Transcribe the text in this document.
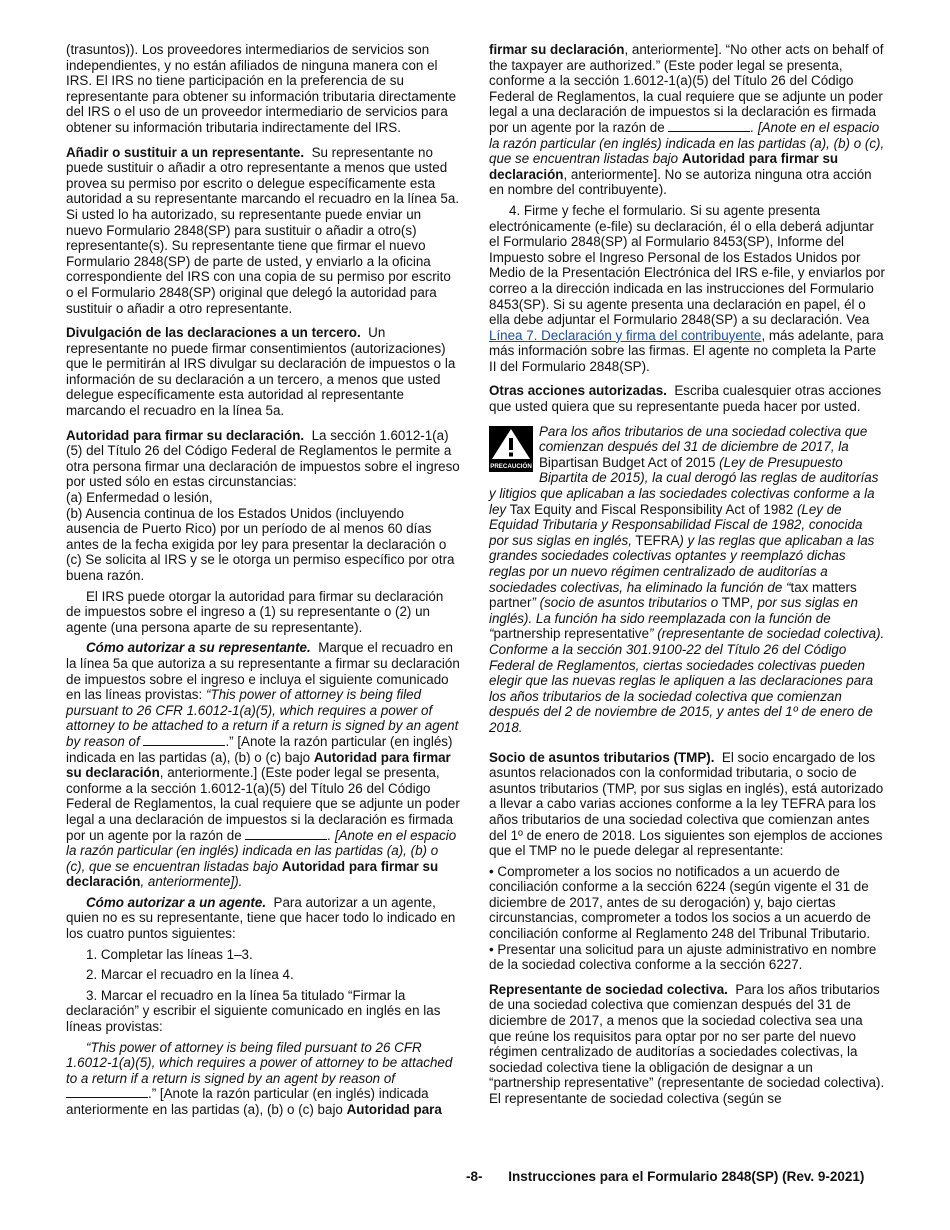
(trasuntos)). Los proveedores intermediarios de servicios son independientes, y no están afiliados de ninguna manera con el IRS. El IRS no tiene participación en la preferencia de su representante para obtener su información tributaria directamente del IRS o el uso de un proveedor intermediario de servicios para obtener su información tributaria indirectamente del IRS.

Añadir o sustituir a un representante. Su representante no puede sustituir o añadir a otro representante a menos que usted provea su permiso por escrito o delegue específicamente esta autoridad a su representante marcando el recuadro en la línea 5a. Si usted lo ha autorizado, su representante puede enviar un nuevo Formulario 2848(SP) para sustituir o añadir a otro(s) representante(s). Su representante tiene que firmar el nuevo Formulario 2848(SP) de parte de usted, y enviarlo a la oficina correspondiente del IRS con una copia de su permiso por escrito o el Formulario 2848(SP) original que delegó la autoridad para sustituir o añadir a otro representante.

Divulgación de las declaraciones a un tercero. Un representante no puede firmar consentimientos (autorizaciones) que le permitirán al IRS divulgar su declaración de impuestos o la información de su declaración a un tercero, a menos que usted delegue específicamente esta autoridad al representante marcando el recuadro en la línea 5a.

Autoridad para firmar su declaración. La sección 1.6012-1(a)(5) del Título 26 del Código Federal de Reglamentos le permite a otra persona firmar una declaración de impuestos sobre el ingreso por usted sólo en estas circunstancias:
(a) Enfermedad o lesión,
(b) Ausencia continua de los Estados Unidos (incluyendo ausencia de Puerto Rico) por un período de al menos 60 días antes de la fecha exigida por ley para presentar la declaración o
(c) Se solicita al IRS y se le otorga un permiso específico por otra buena razón.

El IRS puede otorgar la autoridad para firmar su declaración de impuestos sobre el ingreso a (1) su representante o (2) un agente (una persona aparte de su representante).

Cómo autorizar a su representante. Marque el recuadro en la línea 5a que autoriza a su representante a firmar su declaración de impuestos sobre el ingreso e incluya el siguiente comunicado en las líneas provistas: “This power of attorney is being filed pursuant to 26 CFR 1.6012-1(a)(5), which requires a power of attorney to be attached to a return if a return is signed by an agent by reason of	.” [Anote la razón particular (en inglés) indicada en las partidas (a), (b) o (c) bajo Autoridad para firmar su declaración, anteriormente.] (Este poder legal se presenta, conforme a la sección 1.6012-1(a)(5) del Título 26 del Código Federal de Reglamentos, la cual requiere que se adjunte un poder legal a una declaración de impuestos si la declaración es firmada por un agente por la razón de	. [Anote en el espacio la razón particular (en inglés) indicada en las partidas (a), (b) o (c), que se encuentran listadas bajo Autoridad para firmar su declaración, anteriormente]).

Cómo autorizar a un agente. Para autorizar a un agente, quien no es su representante, tiene que hacer todo lo indicado en los cuatro puntos siguientes:

1. Completar las líneas 1–3.
2. Marcar el recuadro en la línea 4.

3. Marcar el recuadro en la línea 5a titulado “Firmar la declaración” y escribir el siguiente comunicado en inglés en las líneas provistas:

“This power of attorney is being filed pursuant to 26 CFR 1.6012-1(a)(5), which requires a power of attorney to be attached to a return if a return is signed by an agent by reason of .” [Anote la razón particular (en inglés) indicada anteriormente en las partidas (a), (b) o (c) bajo Autoridad para

firmar su declaración, anteriormente]. “No other acts on behalf of the taxpayer are authorized.” (Este poder legal se presenta, conforme a la sección 1.6012-1(a)(5) del Título 26 del Código Federal de Reglamentos, la cual requiere que se adjunte un poder legal a una declaración de impuestos si la declaración es firmada por un agente por la razón de	. [Anote en el espacio la razón particular (en inglés) indicada en las partidas (a), (b) o (c), que se encuentran listadas bajo Autoridad para firmar su declaración, anteriormente]. No se autoriza ninguna otra acción en nombre del contribuyente).

4. Firme y feche el formulario. Si su agente presenta electrónicamente (e-file) su declaración, él o ella deberá adjuntar el Formulario 2848(SP) al Formulario 8453(SP), Informe del Impuesto sobre el Ingreso Personal de los Estados Unidos por Medio de la Presentación Electrónica del IRS e-file, y enviarlos por correo a la dirección indicada en las instrucciones del Formulario 8453(SP). Si su agente presenta una declaración en papel, él o ella debe adjuntar el Formulario 2848(SP) a su declaración. Vea Línea 7. Declaración y firma del contribuyente, más adelante, para más información sobre las firmas. El agente no completa la Parte II del Formulario 2848(SP).

Otras acciones autorizadas. Escriba cualesquier otras acciones que usted quiera que su representante pueda hacer por usted.

PRECAUCIÓN
Para los años tributarios de una sociedad colectiva que comienzan después del 31 de diciembre de 2017, la Bipartisan Budget Act of 2015 (Ley de Presupuesto Bipartita de 2015), la cual derogó las reglas de auditorías y litigios que aplicaban a las sociedades colectivas conforme a la ley Tax Equity and Fiscal Responsibility Act of 1982 (Ley de Equidad Tributaria y Responsabilidad Fiscal de 1982, conocida por sus siglas en inglés, TEFRA) y las reglas que aplicaban a las grandes sociedades colectivas optantes y reemplazó dichas reglas por un nuevo régimen centralizado de auditorías a sociedades colectivas, ha eliminado la función de “tax matters partner” (socio de asuntos tributarios o TMP, por sus siglas en inglés). La función ha sido reemplazada con la función de “partnership representative” (representante de sociedad colectiva). Conforme a la sección 301.9100-22 del Título 26 del Código Federal de Reglamentos, ciertas sociedades colectivas pueden elegir que las nuevas reglas le apliquen a las declaraciones para los años tributarios de la sociedad colectiva que comienzan después del 2 de noviembre de 2015, y antes del 1º de enero de 2018.

Socio de asuntos tributarios (TMP). El socio encargado de los asuntos relacionados con la conformidad tributaria, o socio de asuntos tributarios (TMP, por sus siglas en inglés), está autorizado a llevar a cabo varias acciones conforme a la ley TEFRA para los años tributarios de una sociedad colectiva que comienzan antes del 1º de enero de 2018. Los siguientes son ejemplos de acciones que el TMP no le puede delegar al representante:

• Comprometer a los socios no notificados a un acuerdo de conciliación conforme a la sección 6224 (según vigente el 31 de diciembre de 2017, antes de su derogación) y, bajo ciertas circunstancias, comprometer a todos los socios a un acuerdo de conciliación conforme al Reglamento 248 del Tribunal Tributario.

• Presentar una solicitud para un ajuste administrativo en nombre de la sociedad colectiva conforme a la sección 6227.

Representante de sociedad colectiva. Para los años tributarios de una sociedad colectiva que comienzan después del 31 de diciembre de 2017, a menos que la sociedad colectiva sea una que reúne los requisitos para optar por no ser parte del nuevo régimen centralizado de auditorías a sociedades colectivas, la sociedad colectiva tiene la obligación de designar a un “partnership representative” (representante de sociedad colectiva). El representante de sociedad colectiva (según se

-8- Instrucciones para el Formulario 2848(SP) (Rev. 9-2021)
